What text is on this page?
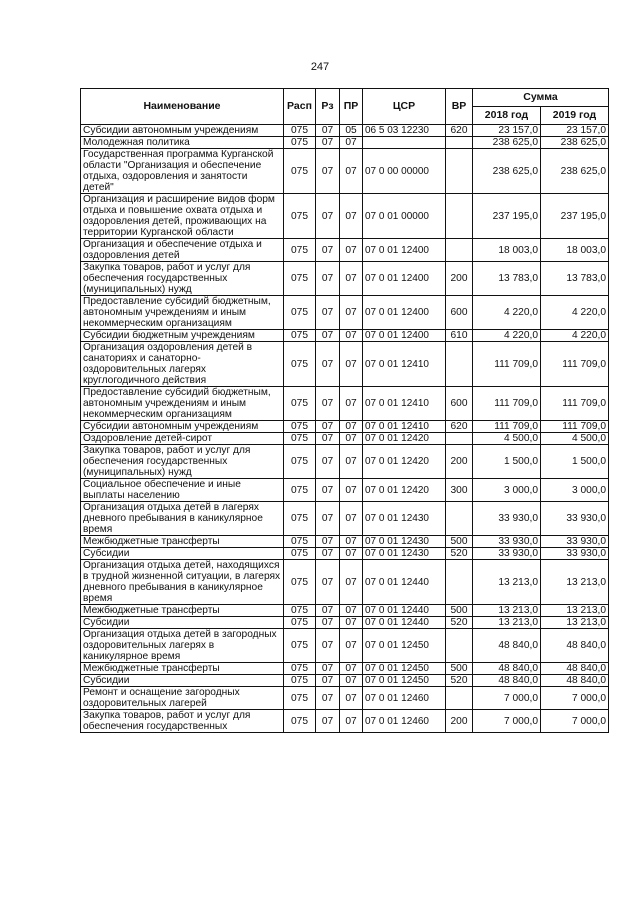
247
Наименование	Расп	Рз	ПР	ЦСР	ВР	Сумма	
						2018 год	2019 год
Субсидии автономным учреждениям	075	07	05	06 5 03 12230	620	23 157,0	23 157,0
Молодежная политика	075	07	07			238 625,0	238 625,0
Государственная программа Курганской области "Организация и обеспечение отдыха, оздоровления и занятости детей"	075	07	07	07 0 00 00000		238 625,0	238 625,0
Организация и расширение видов форм отдыха и повышение охвата отдыха и оздоровления детей, проживающих на территории Курганской области	075	07	07	07 0 01 00000		237 195,0	237 195,0
Организация и обеспечение отдыха и оздоровления детей	075	07	07	07 0 01 12400		18 003,0	18 003,0
Закупка товаров, работ и услуг для обеспечения государственных (муниципальных) нужд	075	07	07	07 0 01 12400	200	13 783,0	13 783,0
Предоставление субсидий бюджетным, автономным учреждениям и иным некоммерческим организациям	075	07	07	07 0 01 12400	600	4 220,0	4 220,0
Субсидии бюджетным учреждениям	075	07	07	07 0 01 12400	610	4 220,0	4 220,0
Организация оздоровления детей в санаториях и санаторно-оздоровительных лагерях круглогодичного действия	075	07	07	07 0 01 12410		111 709,0	111 709,0
Предоставление субсидий бюджетным, автономным учреждениям и иным некоммерческим организациям	075	07	07	07 0 01 12410	600	111 709,0	111 709,0
Субсидии автономным учреждениям	075	07	07	07 0 01 12410	620	111 709,0	111 709,0
Оздоровление детей-сирот	075	07	07	07 0 01 12420		4 500,0	4 500,0
Закупка товаров, работ и услуг для обеспечения государственных (муниципальных) нужд	075	07	07	07 0 01 12420	200	1 500,0	1 500,0
Социальное обеспечение и иные выплаты населению	075	07	07	07 0 01 12420	300	3 000,0	3 000,0
Организация отдыха детей в лагерях дневного пребывания в каникулярное время	075	07	07	07 0 01 12430		33 930,0	33 930,0
Межбюджетные трансферты	075	07	07	07 0 01 12430	500	33 930,0	33 930,0
Субсидии	075	07	07	07 0 01 12430	520	33 930,0	33 930,0
Организация отдыха детей, находящихся в трудной жизненной ситуации, в лагерях дневного пребывания в каникулярное время	075	07	07	07 0 01 12440		13 213,0	13 213,0
Межбюджетные трансферты	075	07	07	07 0 01 12440	500	13 213,0	13 213,0
Субсидии	075	07	07	07 0 01 12440	520	13 213,0	13 213,0
Организация отдыха детей в загородных оздоровительных лагерях в каникулярное время	075	07	07	07 0 01 12450		48 840,0	48 840,0
Межбюджетные трансферты	075	07	07	07 0 01 12450	500	48 840,0	48 840,0
Субсидии	075	07	07	07 0 01 12450	520	48 840,0	48 840,0
Ремонт и оснащение загородных оздоровительных лагерей	075	07	07	07 0 01 12460		7 000,0	7 000,0
Закупка товаров, работ и услуг для обеспечения государственных	075	07	07	07 0 01 12460	200	7 000,0	7 000,0
